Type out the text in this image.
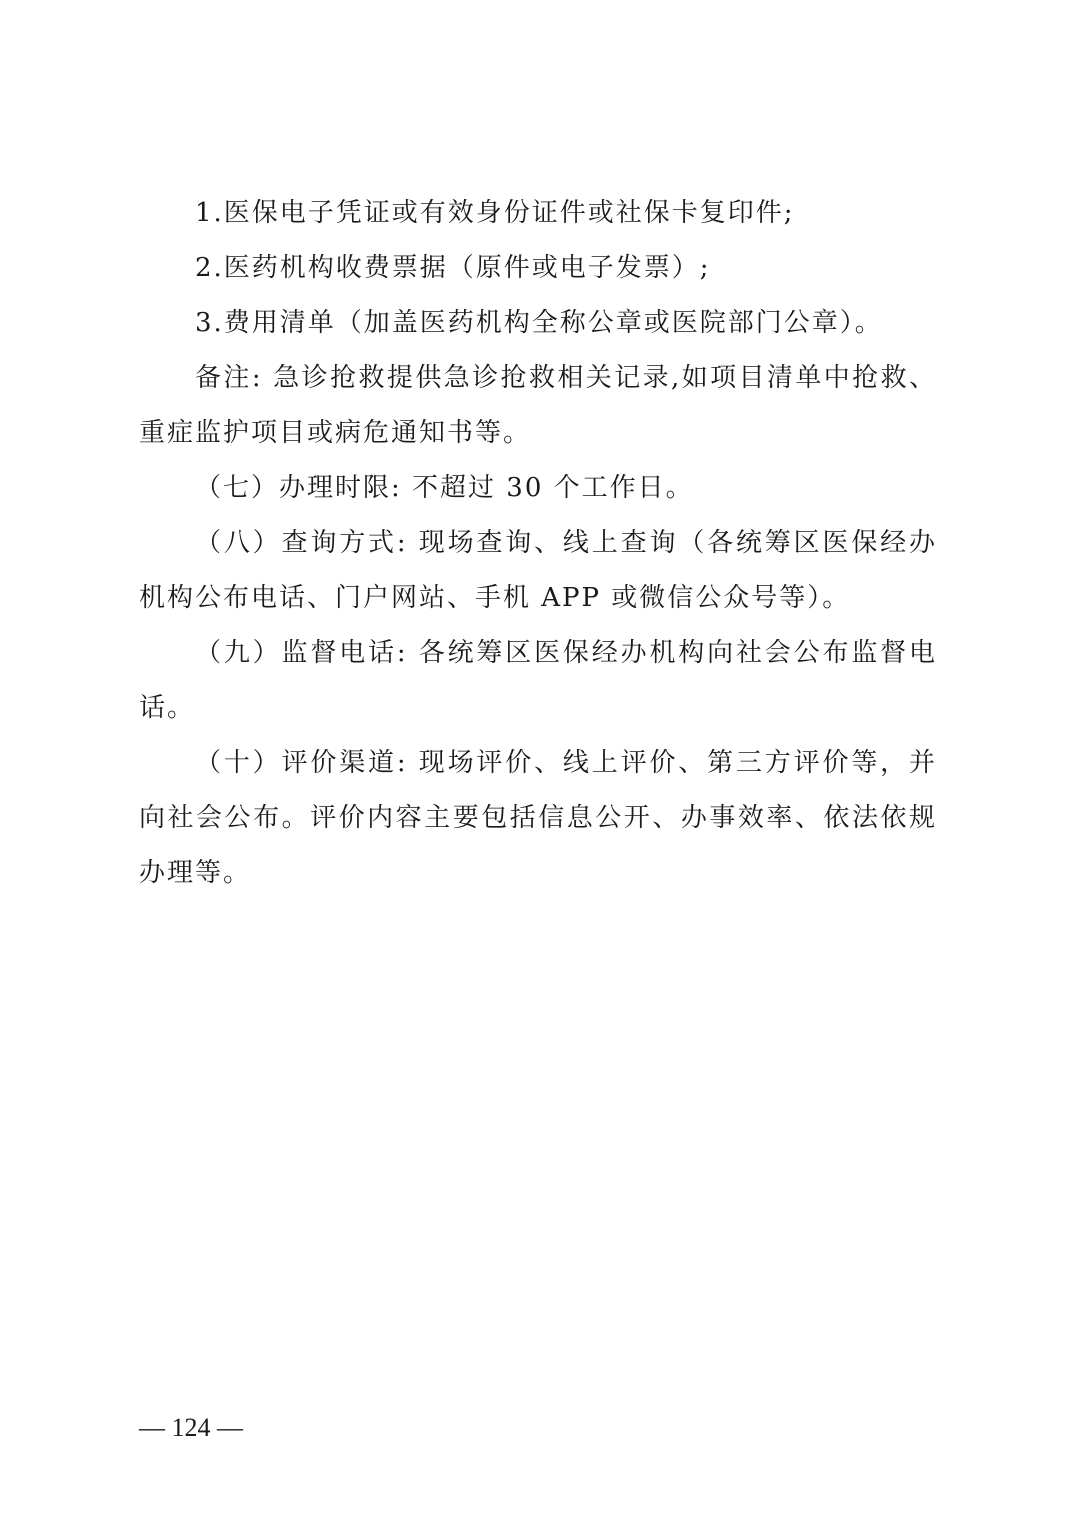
1.医保电子凭证或有效身份证件或社保卡复印件;

2.医药机构收费票据（原件或电子发票）;

3.费用清单（加盖医药机构全称公章或医院部门公章）。

备注: 急诊抢救提供急诊抢救相关记录,如项目清单中抢救、重症监护项目或病危通知书等。

（七）办理时限: 不超过 30 个工作日。

（八）查询方式: 现场查询、线上查询（各统筹区医保经办机构公布电话、门户网站、手机 APP 或微信公众号等）。

（九）监督电话: 各统筹区医保经办机构向社会公布监督电话。

（十）评价渠道: 现场评价、线上评价、第三方评价等，并向社会公布。评价内容主要包括信息公开、办事效率、依法依规办理等。

— 124 —
